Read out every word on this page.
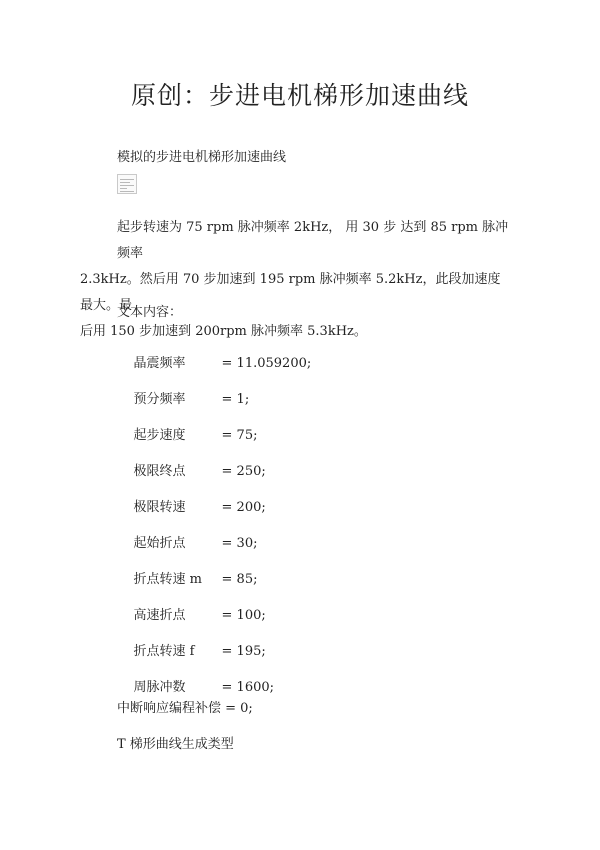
原创：步进电机梯形加速曲线
模拟的步进电机梯形加速曲线
起步转速为 75 rpm 脉冲频率 2kHz， 用 30 步 达到 85 rpm 脉冲频率
2.3kHz。然后用 70 步加速到 195 rpm 脉冲频率 5.2kHz，此段加速度最大。最
后用 150 步加速到 200rpm 脉冲频率 5.3kHz。
文本内容：

晶震频率	= 11.059200;

预分频率	= 1;

起步速度	= 75;

极限终点	= 250;

极限转速	= 200;

起始折点	= 30;

折点转速 m = 85;

高速折点	= 100;

折点转速 f = 195;

周脉冲数	= 1600;

中断响应编程补偿 = 0;
T 梯形曲线生成类型
